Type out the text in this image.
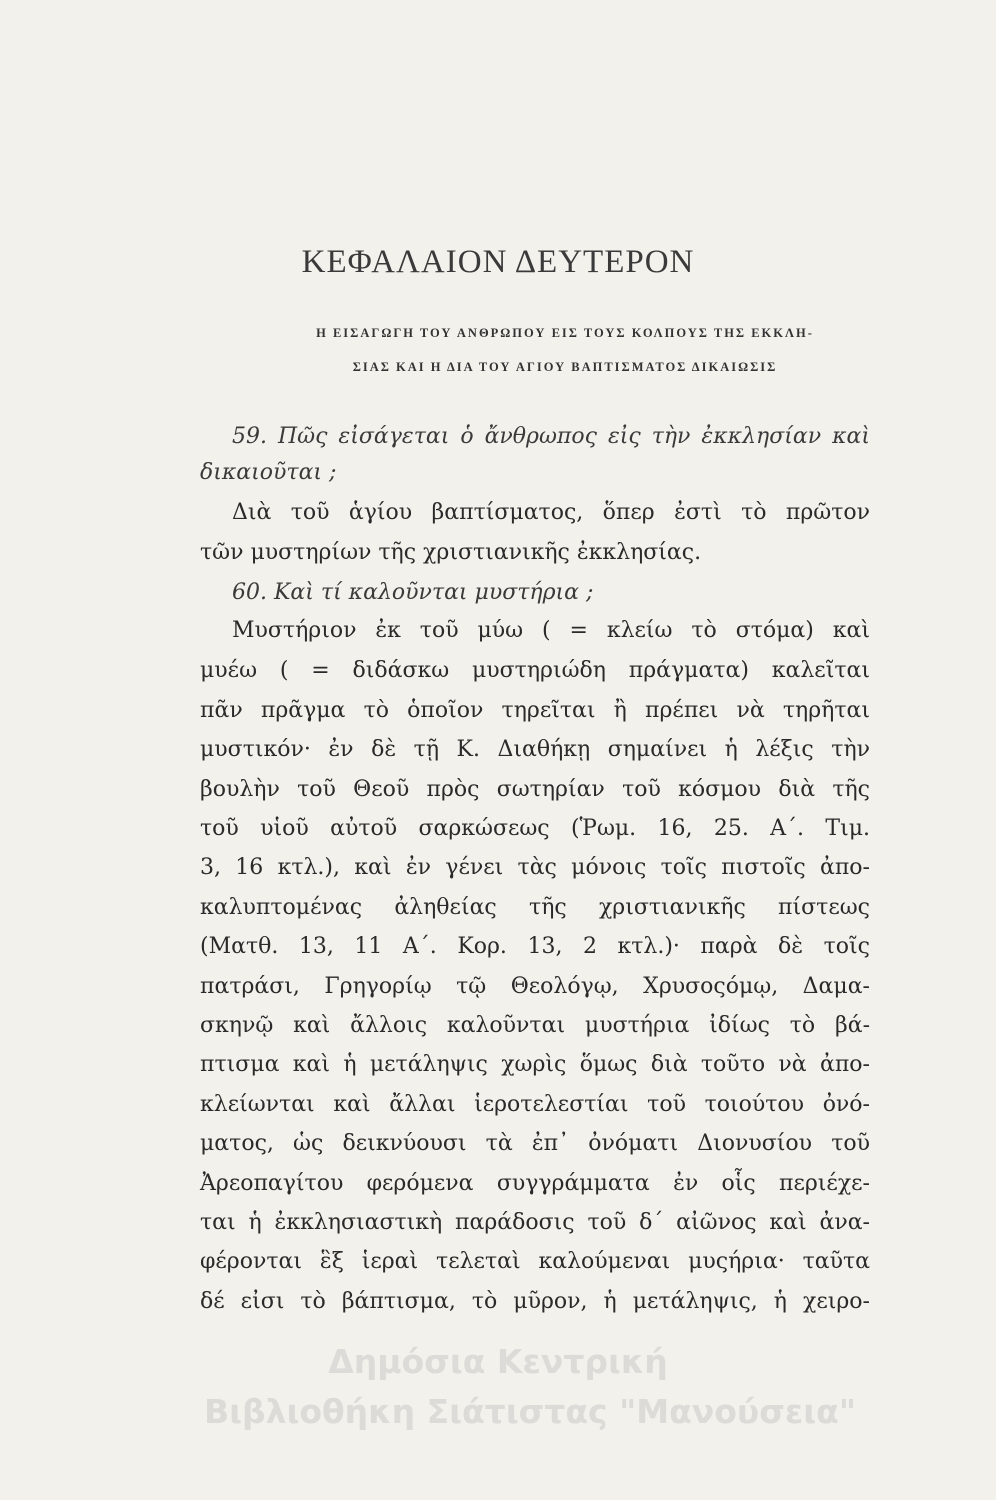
ΚΕΦΑΛΑΙΟΝ ΔΕΥΤΕΡΟΝ
Η ΕΙΣΑΓΩΓΗ ΤΟΥ ΑΝΘΡΩΠΟΥ ΕΙΣ ΤΟΥΣ ΚΟΛΠΟΥΣ ΤΗΣ ΕΚΚΛΗ-
ΣΙΑΣ ΚΑΙ Η ΔΙΑ ΤΟΥ ΑΓΙΟΥ ΒΑΠΤΙΣΜΑΤΟΣ ΔΙΚΑΙΩΣΙΣ
59. Πῶς εἰσάγεται ὁ ἄνθρωπος εἰς τὴν ἐκκλησίαν καὶ
δικαιοῦται ;
Διὰ τοῦ ἁγίου βαπτίσματος, ὅπερ ἐστὶ τὸ πρῶτον
τῶν μυστηρίων τῆς χριστιανικῆς ἐκκλησίας.
60. Καὶ τί καλοῦνται μυστήρια ;
Μυστήριον ἐκ τοῦ μύω ( = κλείω τὸ στόμα) καὶ
μυέω ( = διδάσκω μυστηριώδη πράγματα) καλεῖται
πᾶν πρᾶγμα τὸ ὁποῖον τηρεῖται ἢ πρέπει νὰ τηρῆται
μυστικόν· ἐν δὲ τῇ Κ. Διαθήκῃ σημαίνει ἡ λέξις τὴν
βουλὴν τοῦ Θεοῦ πρὸς σωτηρίαν τοῦ κόσμου διὰ τῆς
τοῦ υἱοῦ αὐτοῦ σαρκώσεως (Ῥωμ. 16, 25. Α΄. Τιμ.
3, 16 κτλ.), καὶ ἐν γένει τὰς μόνοις τοῖς πιστοῖς ἀπο-
καλυπτομένας ἀληθείας τῆς χριστιανικῆς πίστεως
(Ματθ. 13, 11 Α΄. Κορ. 13, 2 κτλ.)· παρὰ δὲ τοῖς
πατράσι, Γρηγορίῳ τῷ Θεολόγῳ, Χρυσοςόμῳ, Δαμα-
σκηνῷ καὶ ἄλλοις καλοῦνται μυστήρια ἰδίως τὸ βά-
πτισμα καὶ ἡ μετάληψις χωρὶς ὅμως διὰ τοῦτο νὰ ἀπο-
κλείωνται καὶ ἄλλαι ἱεροτελεστίαι τοῦ τοιούτου ὀνό-
ματος, ὡς δεικνύουσι τὰ ἐπ᾽ ὀνόματι Διονυσίου τοῦ
Ἀρεοπαγίτου φερόμενα συγγράμματα ἐν οἷς περιέχε-
ται ἡ ἐκκλησιαστικὴ παράδοσις τοῦ δ΄ αἰῶνος καὶ ἀνα-
φέρονται ἓξ ἱεραὶ τελεταὶ καλούμεναι μυςήρια· ταῦτα
δέ εἰσι τὸ βάπτισμα, τὸ μῦρον, ἡ μετάληψις, ἡ χειρο-
Δημόσια Κεντρική
Βιβλιοθήκη Σιάτιστας "Μανούσεια"
